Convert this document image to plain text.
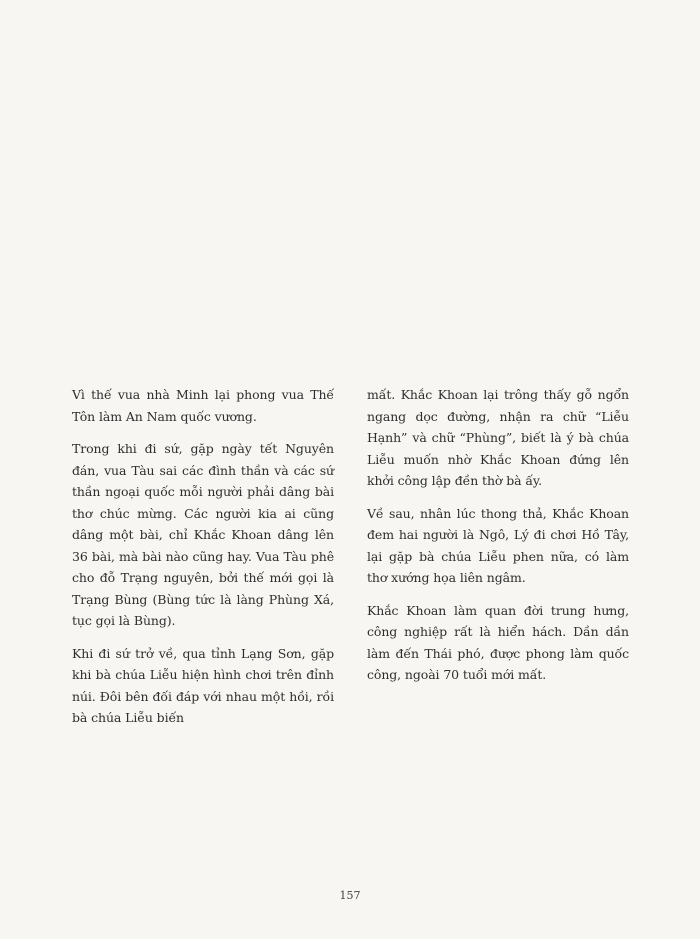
Vì thế vua nhà Minh lại phong vua Thế Tôn làm An Nam quốc vương.

Trong khi đi sứ, gặp ngày tết Nguyên đán, vua Tàu sai các đình thần và các sứ thần ngoại quốc mỗi người phải dâng bài thơ chúc mừng. Các người kia ai cũng dâng một bài, chỉ Khắc Khoan dâng lên 36 bài, mà bài nào cũng hay. Vua Tàu phê cho đỗ Trạng nguyên, bởi thế mới gọi là Trạng Bùng (Bùng tức là làng Phùng Xá, tục gọi là Bùng).

Khi đi sứ trở về, qua tỉnh Lạng Sơn, gặp khi bà chúa Liễu hiện hình chơi trên đỉnh núi. Đôi bên đối đáp với nhau một hồi, rồi bà chúa Liễu biến

mất. Khắc Khoan lại trông thấy gỗ ngổn ngang dọc đường, nhận ra chữ “Liễu Hạnh” và chữ “Phùng”, biết là ý bà chúa Liễu muốn nhờ Khắc Khoan đứng lên khởi công lập đền thờ bà ấy.

Về sau, nhân lúc thong thả, Khắc Khoan đem hai người là Ngô, Lý đi chơi Hồ Tây, lại gặp bà chúa Liễu phen nữa, có làm thơ xướng họa liên ngâm.

Khắc Khoan làm quan đời trung hưng, công nghiệp rất là hiển hách. Dần dần làm đến Thái phó, được phong làm quốc công, ngoài 70 tuổi mới mất.

157
